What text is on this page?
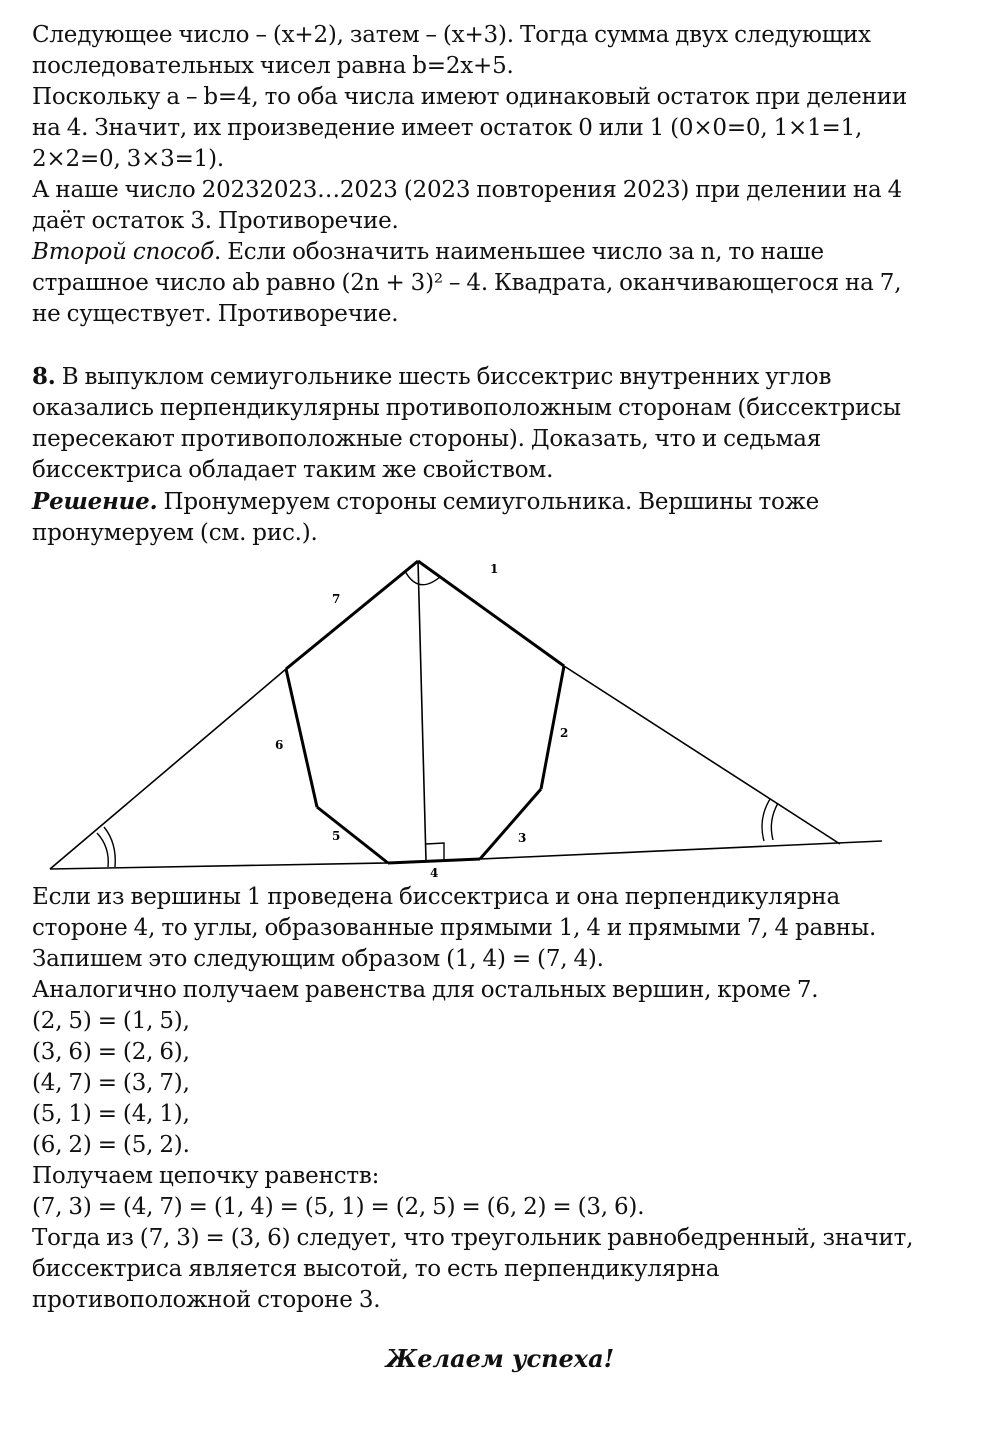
Следующее число – (x+2), затем – (x+3). Тогда сумма двух следующих

последовательных чисел равна b=2x+5.

Поскольку a – b=4, то оба числа имеют одинаковый остаток при делении

на 4. Значит, их произведение имеет остаток 0 или 1 (0×0=0, 1×1=1,

2×2=0, 3×3=1).

А наше число 20232023…2023 (2023 повторения 2023) при делении на 4

даёт остаток 3. Противоречие.

Второй способ. Если обозначить наименьшее число за n, то наше

страшное число ab равно (2n + 3)² – 4. Квадрата, оканчивающегося на 7,

не существует. Противоречие.

8. В выпуклом семиугольнике шесть биссектрис внутренних углов

оказались перпендикулярны противоположным сторонам (биссектрисы

пересекают противоположные стороны). Доказать, что и седьмая

биссектриса обладает таким же свойством.

Решение. Пронумеруем стороны семиугольника. Вершины тоже

пронумеруем (см. рис.).

1
2
3
4
5
6
7

Если из вершины 1 проведена биссектриса и она перпендикулярна

стороне 4, то углы, образованные прямыми 1, 4 и прямыми 7, 4 равны.

Запишем это следующим образом (1, 4) = (7, 4).

Аналогично получаем равенства для остальных вершин, кроме 7.

(2, 5) = (1, 5),

(3, 6) = (2, 6),

(4, 7) = (3, 7),

(5, 1) = (4, 1),

(6, 2) = (5, 2).

Получаем цепочку равенств:

(7, 3) = (4, 7) = (1, 4) = (5, 1) = (2, 5) = (6, 2) = (3, 6).

Тогда из (7, 3) = (3, 6) следует, что треугольник равнобедренный, значит,

биссектриса является высотой, то есть перпендикулярна

противоположной стороне 3.

Желаем успеха!
